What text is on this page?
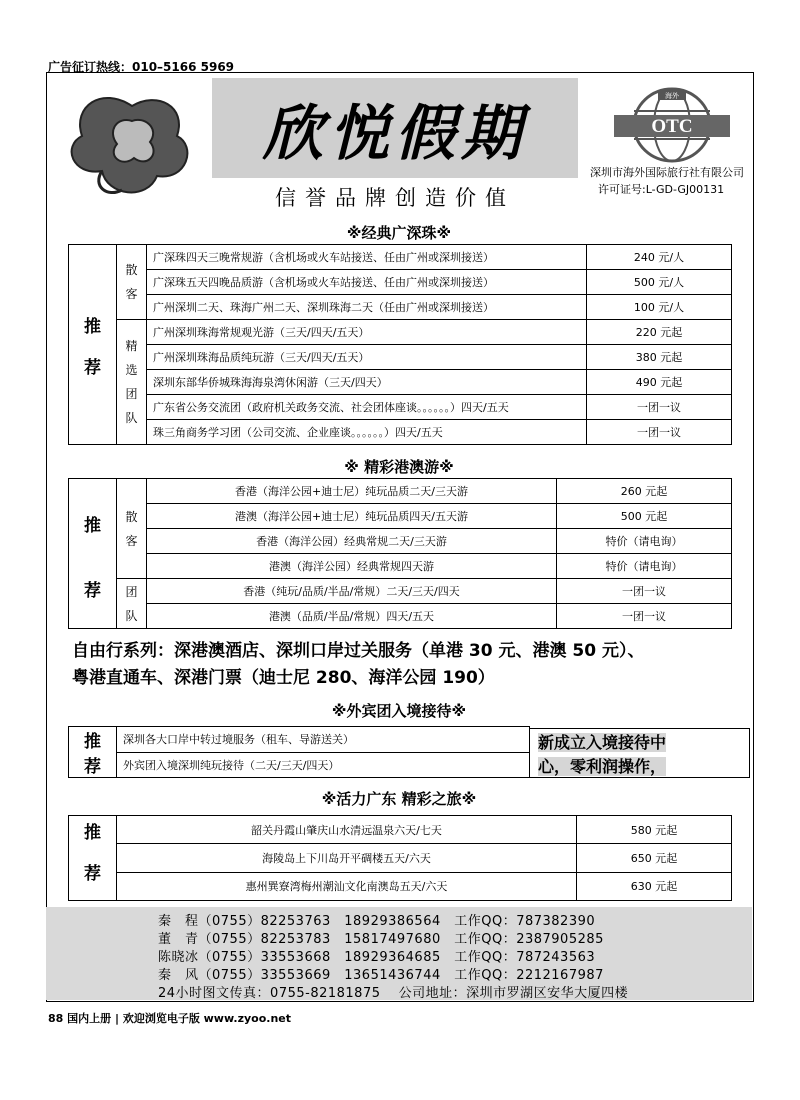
广告征订热线：010–5166 5969
欣悦假期	OTC
海外
深圳市海外国际旅行社有限公司
许可证号:L-GD-GJ00131
信誉品牌创造价值
※经典广深珠※
推
荐	散客	广深珠四天三晚常规游（含机场或火车站接送、任由广州或深圳接送）	240 元/人
		广深珠五天四晚品质游（含机场或火车站接送、任由广州或深圳接送）	500 元/人
		广州深圳二天、珠海广州二天、深圳珠海二天（任由广州或深圳接送）	100 元/人

	精选团队	广州深圳珠海常规观光游（三天/四天/五天）	220 元起
		广州深圳珠海品质纯玩游（三天/四天/五天）	380 元起
		深圳东部华侨城珠海海泉湾休闲游（三天/四天）	490 元起
		广东省公务交流团（政府机关政务交流、社会团体座谈。。。。。。）四天/五天	一团一议
		珠三角商务学习团（公司交流、企业座谈。。。。。。）四天/五天	一团一议
※ 精彩港澳游※
推
荐	散客	香港（海洋公园+迪士尼）纯玩品质二天/三天游	260 元起
		港澳（海洋公园+迪士尼）纯玩品质四天/五天游	500 元起
		香港（海洋公园）经典常规二天/三天游	特价（请电询）
		港澳（海洋公园）经典常规四天游	特价（请电询）

	团队	香港（纯玩/品质/半品/常规）二天/三天/四天	一团一议
		港澳（品质/半品/常规）四天/五天	一团一议
自由行系列：深港澳酒店、深圳口岸过关服务（单港 30 元、港澳 50 元）、
粤港直通车、深港门票（迪士尼 280、海洋公园 190）
※外宾团入境接待※
推
荐
	深圳各大口岸中转过境服务（租车、导游送关）
外宾团入境深圳纯玩接待（二天/三天/四天）
新成立入境接待中
心，零利润操作，
※活力广东 精彩之旅※
推
荐	韶关丹霞山肇庆山水清远温泉六天/七天	580 元起
	海陵岛上下川岛开平碉楼五天/六天	650 元起
	惠州巽寮湾梅州潮汕文化南澳岛五天/六天	630 元起
秦　程（0755）82253763　18929386564　工作QQ：787382390
董　青（0755）82253783　15817497680　工作QQ：2387905285
陈晓冰（0755）33553668　18929364685　工作QQ：787243563
秦　风（0755）33553669　13651436744　工作QQ：2212167987
24小时图文传真：0755-82181875　 公司地址：深圳市罗湖区安华大厦四楼
88 国内上册 | 欢迎浏览电子版 www.zyoo.net
